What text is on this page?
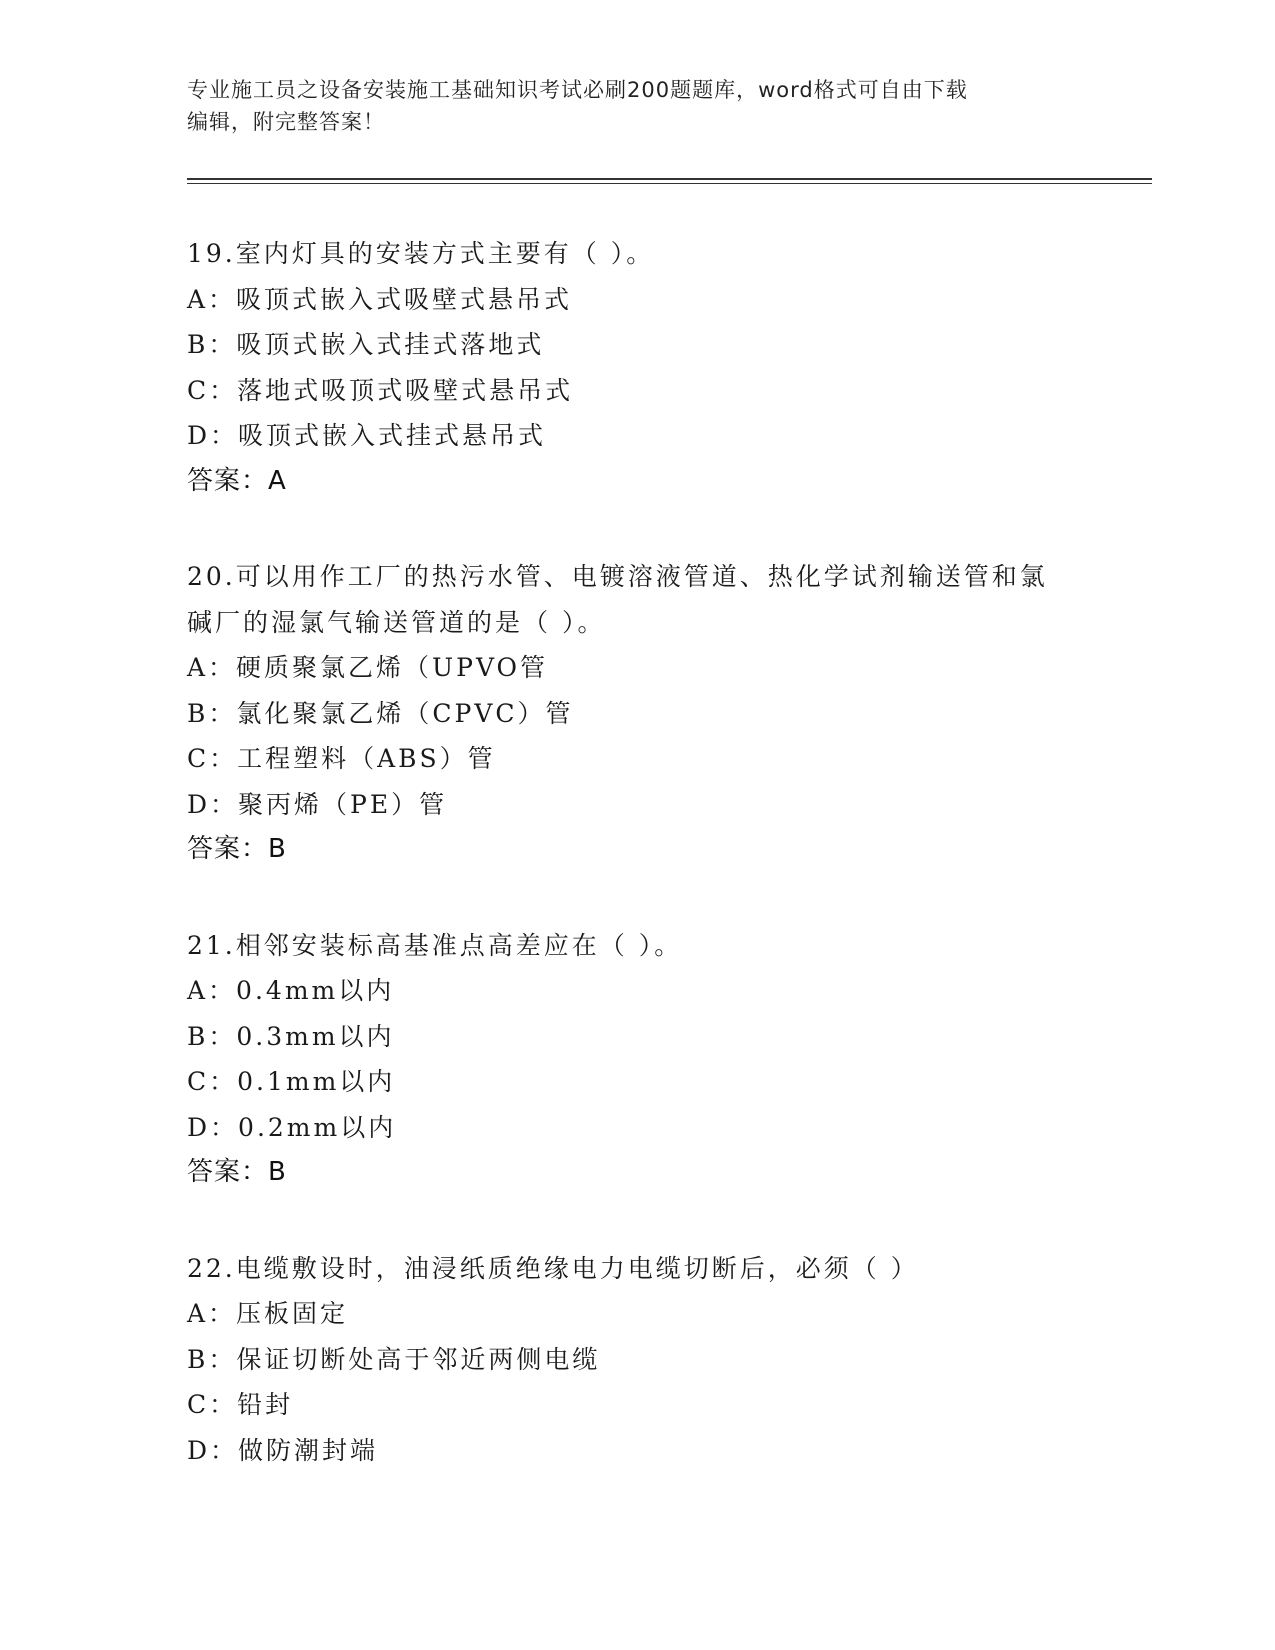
专业施工员之设备安装施工基础知识考试必刷200题题库，word格式可自由下载
编辑，附完整答案！
19.室内灯具的安装方式主要有（ ）。
A：吸顶式嵌入式吸壁式悬吊式
B：吸顶式嵌入式挂式落地式
C：落地式吸顶式吸壁式悬吊式
D：吸顶式嵌入式挂式悬吊式
答案：A
20.可以用作工厂的热污水管、电镀溶液管道、热化学试剂输送管和氯
碱厂的湿氯气输送管道的是（ ）。
A：硬质聚氯乙烯（UPVO管
B：氯化聚氯乙烯（CPVC）管
C：工程塑料（ABS）管
D：聚丙烯（PE）管
答案：B
21.相邻安装标高基准点高差应在（ ）。
A：0.4mm以内
B：0.3mm以内
C：0.1mm以内
D：0.2mm以内
答案：B
22.电缆敷设时，油浸纸质绝缘电力电缆切断后，必须（ ）
A：压板固定
B：保证切断处高于邻近两侧电缆
C：铅封
D：做防潮封端
